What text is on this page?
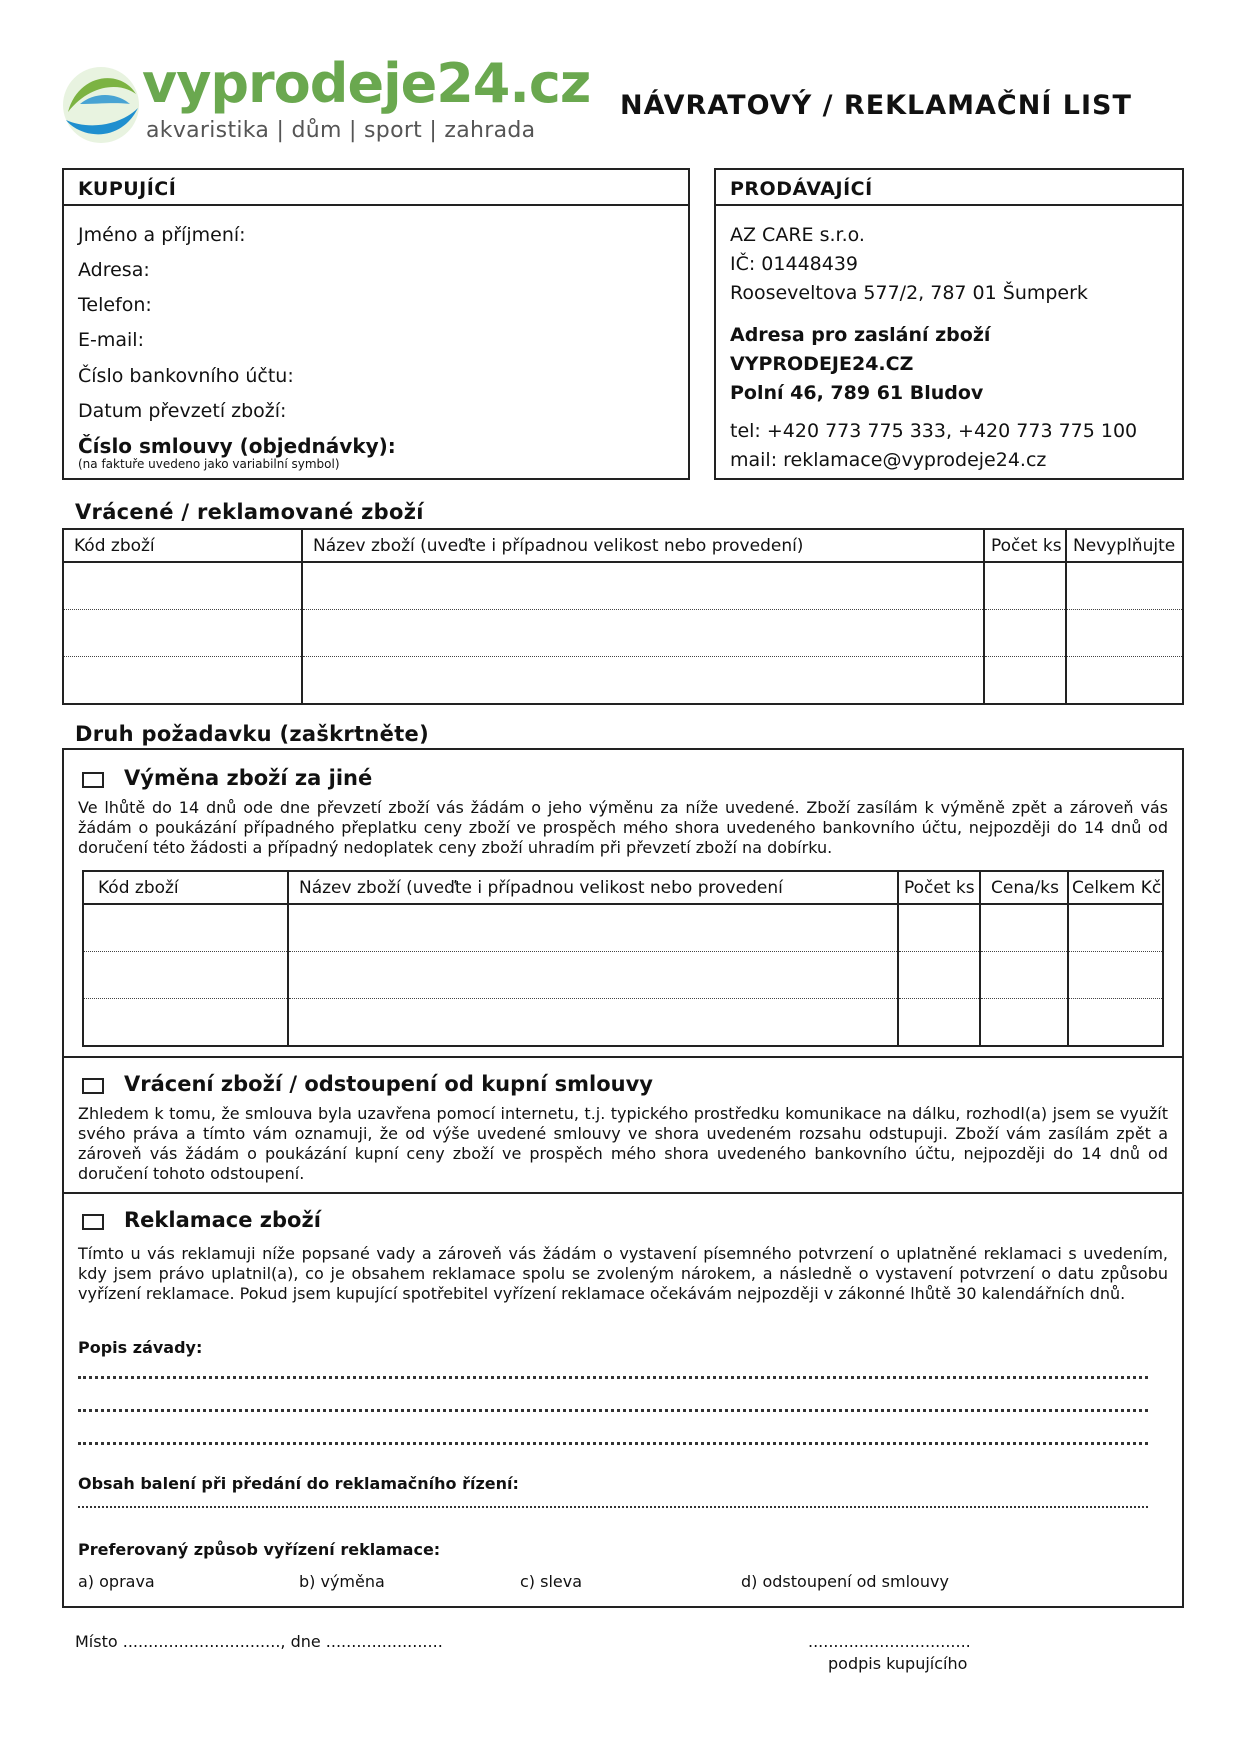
vyprodeje24.cz
akvaristika | dům | sport | zahrada
NÁVRATOVÝ / REKLAMAČNÍ LIST
KUPUJÍCÍ
Jméno a příjmení:
Adresa:
Telefon:
E-mail:
Číslo bankovního účtu:
Datum převzetí zboží:
Číslo smlouvy (objednávky):
(na faktuře uvedeno jako variabilní symbol)
PRODÁVAJÍCÍ
AZ CARE s.r.o.
IČ: 01448439
Rooseveltova 577/2, 787 01 Šumperk
Adresa pro zaslání zboží
VYPRODEJE24.CZ
Polní 46, 789 61 Bludov
tel: +420 773 775 333, +420 773 775 100
mail: reklamace@vyprodeje24.cz
Vrácené / reklamované zboží
Kód zboží	Název zboží (uveďte i případnou velikost nebo provedení)	Počet ks	Nevyplňujte

Druh požadavku (zaškrtněte)
Výměna zboží za jiné
Ve lhůtě do 14 dnů ode dne převzetí zboží vás žádám o jeho výměnu za níže uvedené. Zboží zasílám k výměně zpět a zároveň vás žádám o poukázání případného přeplatku ceny zboží ve prospěch mého shora uvedeného bankovního účtu, nejpozději do 14 dnů od doručení této žádosti a případný nedoplatek ceny zboží uhradím při převzetí zboží na dobírku.
Kód zboží	Název zboží (uveďte i případnou velikost nebo provedení	Počet ks	Cena/ks	Celkem Kč

Vrácení zboží / odstoupení od kupní smlouvy
Zhledem k tomu, že smlouva byla uzavřena pomocí internetu, t.j. typického prostředku komunikace na dálku, rozhodl(a) jsem se využít svého práva a tímto vám oznamuji, že od výše uvedené smlouvy ve shora uvedeném rozsahu odstupuji. Zboží vám zasílám zpět a zároveň vás žádám o poukázání kupní ceny zboží ve prospěch mého shora uvedeného bankovního účtu, nejpozději do 14 dnů od doručení tohoto odstoupení.
Reklamace zboží
Tímto u vás reklamuji níže popsané vady a zároveň vás žádám o vystavení písemného potvrzení o uplatněné reklamaci s uvedením, kdy jsem právo uplatnil(a), co je obsahem reklamace spolu se zvoleným nárokem, a následně o vystavení potvrzení o datu způsobu vyřízení reklamace. Pokud jsem kupující spotřebitel vyřízení reklamace očekávám nejpozději v zákonné lhůtě 30 kalendářních dnů.
Popis závady:
Obsah balení při předání do reklamačního řízení:
Preferovaný způsob vyřízení reklamace:
a) oprava	b) výměna	c) sleva	d) odstoupení od smlouvy
Místo ..............................., dne .......................	................................
podpis kupujícího
